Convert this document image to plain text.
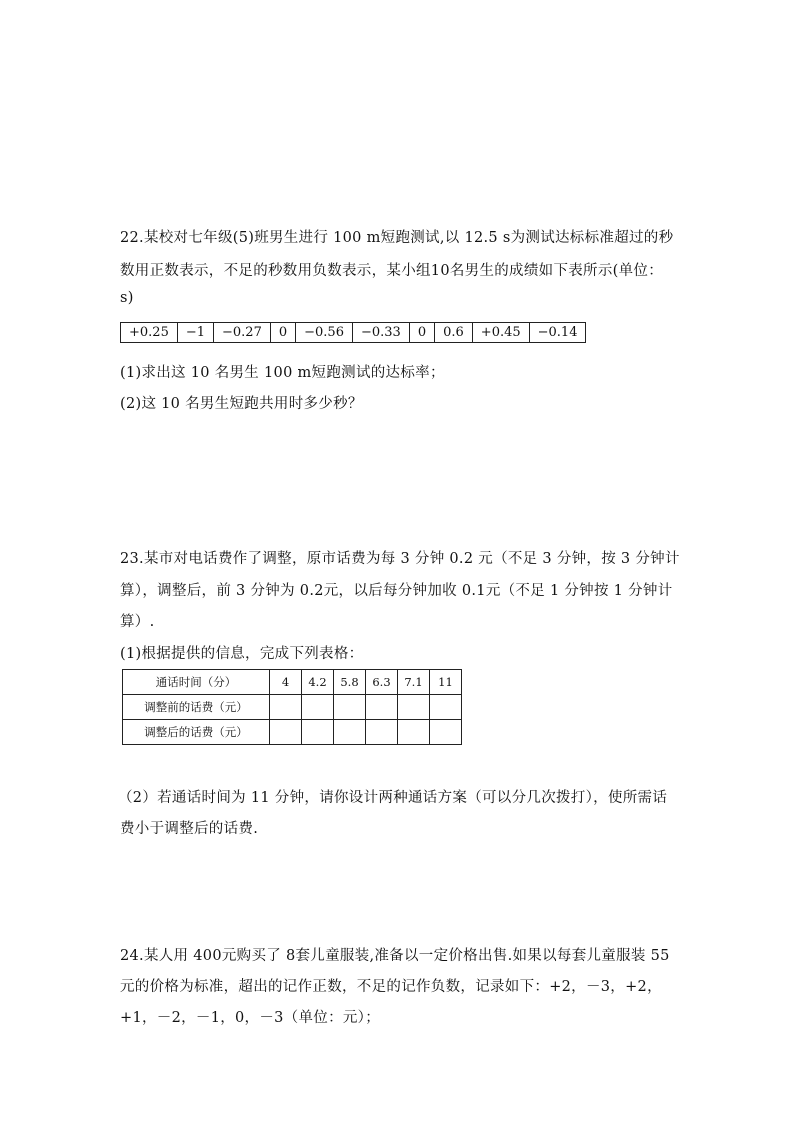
22.某校对七年级(5)班男生进行 100 m短跑测试,以 12.5 s为测试达标标准超过的秒
数用正数表示，不足的秒数用负数表示，某小组10名男生的成绩如下表所示(单位：
s)
+0.25	−1	−0.27	0	−0.56	−0.33	0	0.6	+0.45	−0.14
(1)求出这 10 名男生 100 m短跑测试的达标率；
(2)这 10 名男生短跑共用时多少秒？
23.某市对电话费作了调整，原市话费为每 3 分钟 0.2 元（不足 3 分钟，按 3 分钟计
算），调整后，前 3 分钟为 0.2元，以后每分钟加收 0.1元（不足 1 分钟按 1 分钟计
算）.
(1)根据提供的信息，完成下列表格：
通话时间（分）	4	4.2	5.8	6.3	7.1	11
调整前的话费（元）						
调整后的话费（元）						
（2）若通话时间为 11 分钟，请你设计两种通话方案（可以分几次拨打），使所需话
费小于调整后的话费.
24.某人用 400元购买了 8套儿童服装,准备以一定价格出售.如果以每套儿童服装 55
元的价格为标准，超出的记作正数，不足的记作负数，记录如下：+2，－3，+2，
+1，－2，－1，0，－3（单位：元）；
